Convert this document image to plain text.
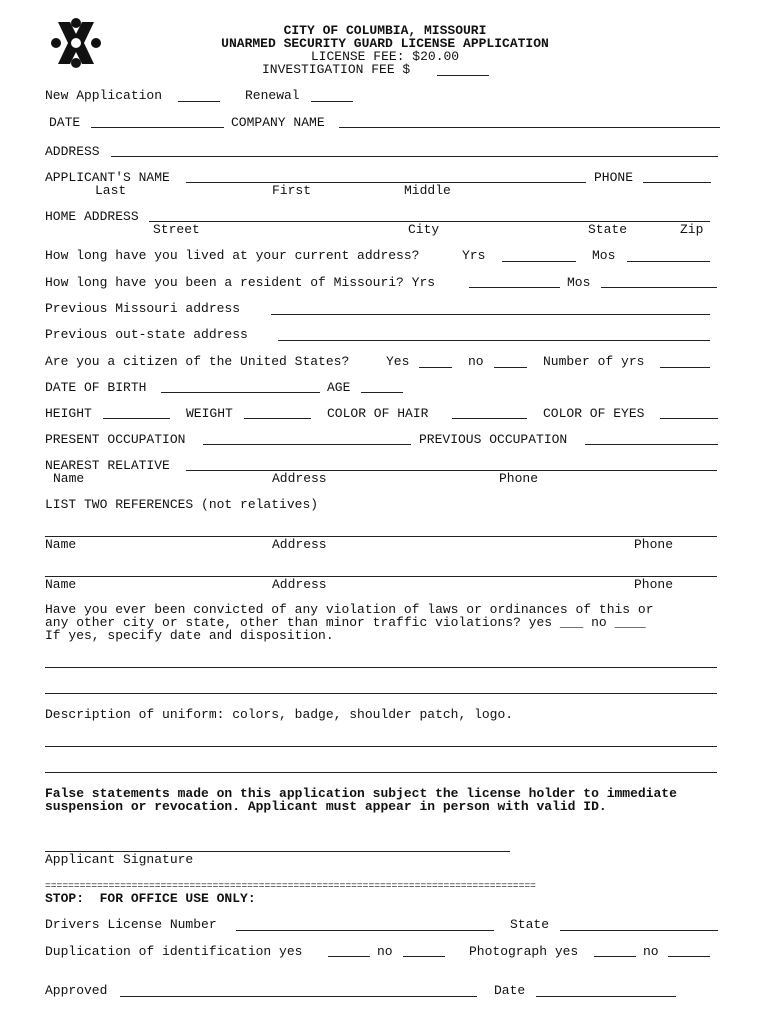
CITY OF COLUMBIA, MISSOURI
UNARMED SECURITY GUARD LICENSE APPLICATION
LICENSE FEE: $20.00
INVESTIGATION FEE $
New Application	Renewal
DATE	COMPANY NAME
ADDRESS
APPLICANT'S NAME	PHONE
Last	First	Middle
HOME ADDRESS
Street	City	State	Zip
How long have you lived at your current address?	Yrs	Mos
How long have you been a resident of Missouri? Yrs	Mos
Previous Missouri address
Previous out-state address
Are you a citizen of the United States?	Yes	no	Number of yrs
DATE OF BIRTH	AGE
HEIGHT	WEIGHT	COLOR OF HAIR	COLOR OF EYES
PRESENT OCCUPATION	PREVIOUS OCCUPATION
NEAREST RELATIVE
Name	Address	Phone
LIST TWO REFERENCES (not relatives)
Name	Address	Phone
Name	Address	Phone
Have you ever been convicted of any violation of laws or ordinances of this or
any other city or state, other than minor traffic violations? yes ___ no ____
If yes, specify date and disposition.
Description of uniform: colors, badge, shoulder patch, logo.
False statements made on this application subject the license holder to immediate
suspension or revocation. Applicant must appear in person with valid ID.
Applicant Signature
=====================================================================================
STOP:  FOR OFFICE USE ONLY:
Drivers License Number	State
Duplication of identification yes	no	Photograph yes	no
Approved	Date
